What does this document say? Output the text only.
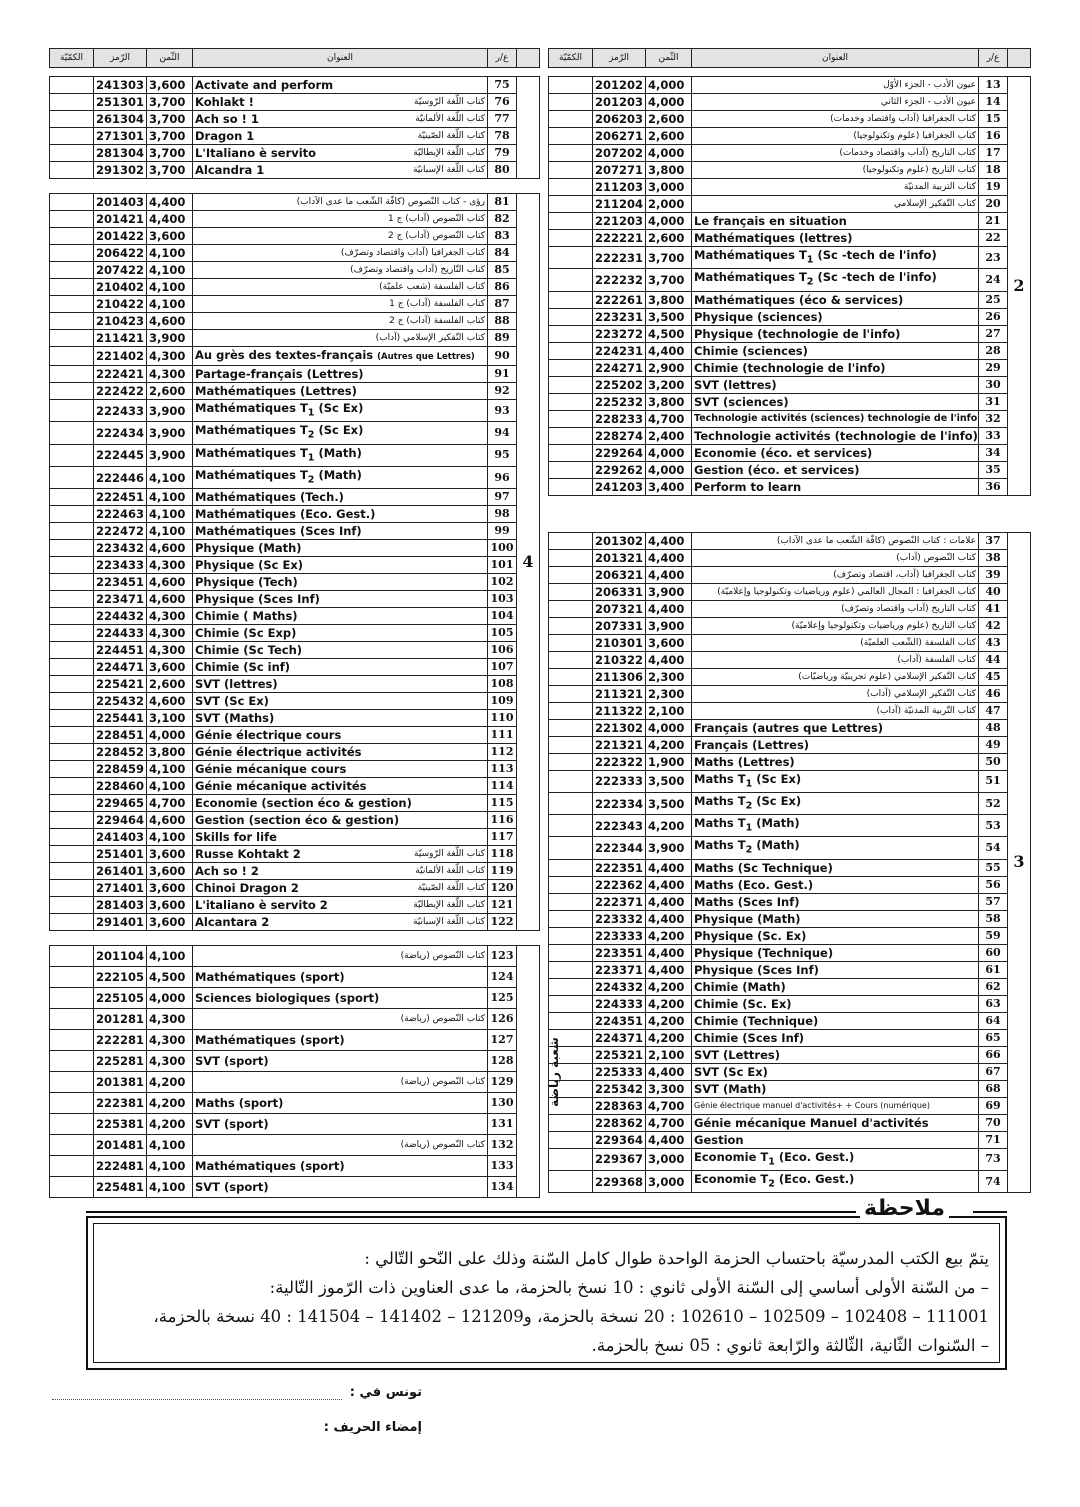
الكمّيّة	الرّمز	الثّمن	العنوان	ع/ر	
	241303	3,600	Activate and perform	75	
	251301	3,700	Kohlakt ! كتاب اللّغة الرّوسيّة	76	
	261304	3,700	Ach so ! 1 كتاب اللّغة الألمانيّة	77	
	271301	3,700	Dragon 1 كتاب اللّغة الصّينيّة	78	
	281304	3,700	L'Italiano è servito كتاب اللّغة الإيطاليّة	79	
	291302	3,700	Alcandra 1 كتاب اللّغة الإسبانيّة	80	
	201403	4,400	رؤى - كتاب النّصوص (كافّة الشّعب ما عدى الآداب)	81	4
	201421	4,400	كتاب النّصوص (آداب) ج 1	82	
	201422	3,600	كتاب النّصوص (آداب) ج 2	83	
	206422	4,100	كتاب الجغرافيا (آداب واقتصاد وتصرّف)	84	
	207422	4,100	كتاب التّاريخ (آداب واقتصاد وتصرّف)	85	
	210402	4,100	كتاب الفلسفة (شعب علميّة)	86	
	210422	4,100	كتاب الفلسفة (آداب) ج 1	87	
	210423	4,600	كتاب الفلسفة (آداب) ج 2	88	
	211421	3,900	كتاب التّفكير الإسلامي (آداب)	89	
	221402	4,300	Au grès des textes-français (Autres que Lettres)	90	
	222421	4,300	Partage-français (Lettres)	91	
	222422	2,600	Mathématiques (Lettres)	92	
	222433	3,900	Mathématiques $T_1$ (Sc Ex)	93	
	222434	3,900	Mathématiques $T_2$ (Sc Ex)	94	
	222445	3,900	Mathématiques $T_1$ (Math)	95	
	222446	4,100	Mathématiques $T_2$ (Math)	96	
	222451	4,100	Mathématiques (Tech.)	97	
	222463	4,100	Mathématiques (Eco. Gest.)	98	
	222472	4,100	Mathématiques (Sces Inf)	99	
	223432	4,600	Physique (Math)	100	
	223433	4,300	Physique (Sc Ex)	101	
	223451	4,600	Physique (Tech)	102	
	223471	4,600	Physique (Sces Inf)	103	
	224432	4,300	Chimie ( Maths)	104	
	224433	4,300	Chimie (Sc Exp)	105	
	224451	4,300	Chimie (Sc Tech)	106	
	224471	3,600	Chimie (Sc inf)	107	
	225421	2,600	SVT (lettres)	108	
	225432	4,600	SVT (Sc Ex)	109	
	225441	3,100	SVT (Maths)	110	
	228451	4,000	Génie électrique cours	111	
	228452	3,800	Génie électrique activités	112	
	228459	4,100	Génie mécanique cours	113	
	228460	4,100	Génie mécanique activités	114	
	229465	4,700	Economie (section éco & gestion)	115	
	229464	4,600	Gestion (section éco & gestion)	116	
	241403	4,100	Skills for life	117	
	251401	3,600	Russe Kohtakt 2 كتاب اللّغة الرّوسيّة	118	
	261401	3,600	Ach so ! 2 كتاب اللّغة الألمانيّة	119	
	271401	3,600	Chinoi Dragon 2 كتاب اللّغة الصّينيّة	120	
	281403	3,600	L'italiano è servito 2 كتاب اللّغة الإيطاليّة	121	
	291401	3,600	Alcantara 2 كتاب اللّغة الإسبانيّة	122	
	201104	4,100	كتاب النّصوص (رياضة)	123	شعبة رياضة
	222105	4,500	Mathématiques (sport)	124	
	225105	4,000	Sciences biologiques (sport)	125	
	201281	4,300	كتاب النّصوص (رياضة)	126	
	222281	4,300	Mathématiques (sport)	127	
	225281	4,300	SVT (sport)	128	
	201381	4,200	كتاب النّصوص (رياضة)	129	
	222381	4,200	Maths (sport)	130	
	225381	4,200	SVT (sport)	131	
	201481	4,100	كتاب النّصوص (رياضة)	132	
	222481	4,100	Mathématiques (sport)	133	
	225481	4,100	SVT (sport)	134	
الكمّيّة	الرّمز	الثّمن	العنوان	ع/ر	
	201202	4,000	عيون الأدب - الجزء الأوّل	13	2
	201203	4,000	عيون الأدب - الجزء الثاني	14	
	206203	2,600	كتاب الجغرافيا (آداب واقتصاد وخدمات)	15	
	206271	2,600	كتاب الجغرافيا (علوم وتكنولوجيا)	16	
	207202	4,000	كتاب التاريخ (آداب واقتصاد وخدمات)	17	
	207271	3,800	كتاب التاريخ (علوم وتكنولوجيا)	18	
	211203	3,000	كتاب التربية المدنيّة	19	
	211204	2,000	كتاب التّفكير الإسلامي	20	
	221203	4,000	Le français en situation	21	
	222221	2,600	Mathématiques (lettres)	22	
	222231	3,700	Mathématiques $T_1$ (Sc -tech de l'info)	23	
	222232	3,700	Mathématiques $T_2$ (Sc -tech de l'info)	24	
	222261	3,800	Mathématiques (éco & services)	25	
	223231	3,500	Physique (sciences)	26	
	223272	4,500	Physique (technologie de l'info)	27	
	224231	4,400	Chimie (sciences)	28	
	224271	2,900	Chimie (technologie de l'info)	29	
	225202	3,200	SVT (lettres)	30	
	225232	3,800	SVT (sciences)	31	
	228233	4,700	Technologie activités (sciences) technologie de l'info	32	
	228274	2,400	Technologie activités (technologie de l'info)	33	
	229264	4,000	Economie (éco. et services)	34	
	229262	4,000	Gestion (éco. et services)	35	
	241203	3,400	Perform to learn	36	
	201302	4,400	علامات : كتاب النّصوص (كافّة الشّعب ما عدى الآداب)	37	3
	201321	4,400	كتاب النّصوص (آداب)	38	
	206321	4,400	كتاب الجغرافيا (آداب، اقتصاد وتصرّف)	39	
	206331	3,900	كتاب الجغرافيا : المجال العالمي (علوم ورياضيات وتكنولوجيا وإعلاميّة)	40	
	207321	4,400	كتاب التاريخ (آداب واقتصاد وتصرّف)	41	
	207331	3,900	كتاب التاريخ (علوم ورياضيات وتكنولوجيا وإعلاميّة)	42	
	210301	3,600	كتاب الفلسفة (الشّعب العلميّة)	43	
	210322	4,400	كتاب الفلسفة (آداب)	44	
	211306	2,300	كتاب التّفكير الإسلامي (علوم تجريبيّة ورياضيّات)	45	
	211321	2,300	كتاب التّفكير الإسلامي (آداب)	46	
	211322	2,100	كتاب التّربية المدنيّة (آداب)	47	
	221302	4,000	Français (autres que Lettres)	48	
	221321	4,200	Français (Lettres)	49	
	222322	1,900	Maths (Lettres)	50	
	222333	3,500	Maths $T_1$ (Sc Ex)	51	
	222334	3,500	Maths $T_2$ (Sc Ex)	52	
	222343	4,200	Maths $T_1$ (Math)	53	
	222344	3,900	Maths $T_2$ (Math)	54	
	222351	4,400	Maths (Sc Technique)	55	
	222362	4,400	Maths (Eco. Gest.)	56	
	222371	4,400	Maths (Sces Inf)	57	
	223332	4,400	Physique (Math)	58	
	223333	4,200	Physique (Sc. Ex)	59	
	223351	4,400	Physique (Technique)	60	
	223371	4,400	Physique (Sces Inf)	61	
	224332	4,200	Chimie (Math)	62	
	224333	4,200	Chimie (Sc. Ex)	63	
	224351	4,200	Chimie (Technique)	64	
	224371	4,200	Chimie (Sces Inf)	65	
	225321	2,100	SVT (Lettres)	66	
	225333	4,400	SVT (Sc Ex)	67	
	225342	3,300	SVT (Math)	68	
	228363	4,700	Génie électrique manuel d'activités+ + Cours (numérique)	69	
	228362	4,700	Génie mécanique Manuel d'activités	70	
	229364	4,400	Gestion	71	
	229367	3,000	Economie $T_1$ (Eco. Gest.)	73	
	229368	3,000	Economie $T_2$ (Eco. Gest.)	74	
ملاحظة
يتمّ بيع الكتب المدرسيّة باحتساب الحزمة الواحدة طوال كامل السّنة وذلك على النّحو التّالي :
– من السّنة الأولى أساسي إلى السّنة الأولى ثانوي : 10 نسخ بالحزمة، ما عدى العناوين ذات الرّموز التّالية:
111001 – 102408 – 102509 – 102610 : 20 نسخة بالحزمة، و121209 – 141402 – 141504 : 40 نسخة بالحزمة،
– السّنوات الثّانية، الثّالثة والرّابعة ثانوي : 05 نسخ بالحزمة.
تونس في :
إمضاء الحريف :
